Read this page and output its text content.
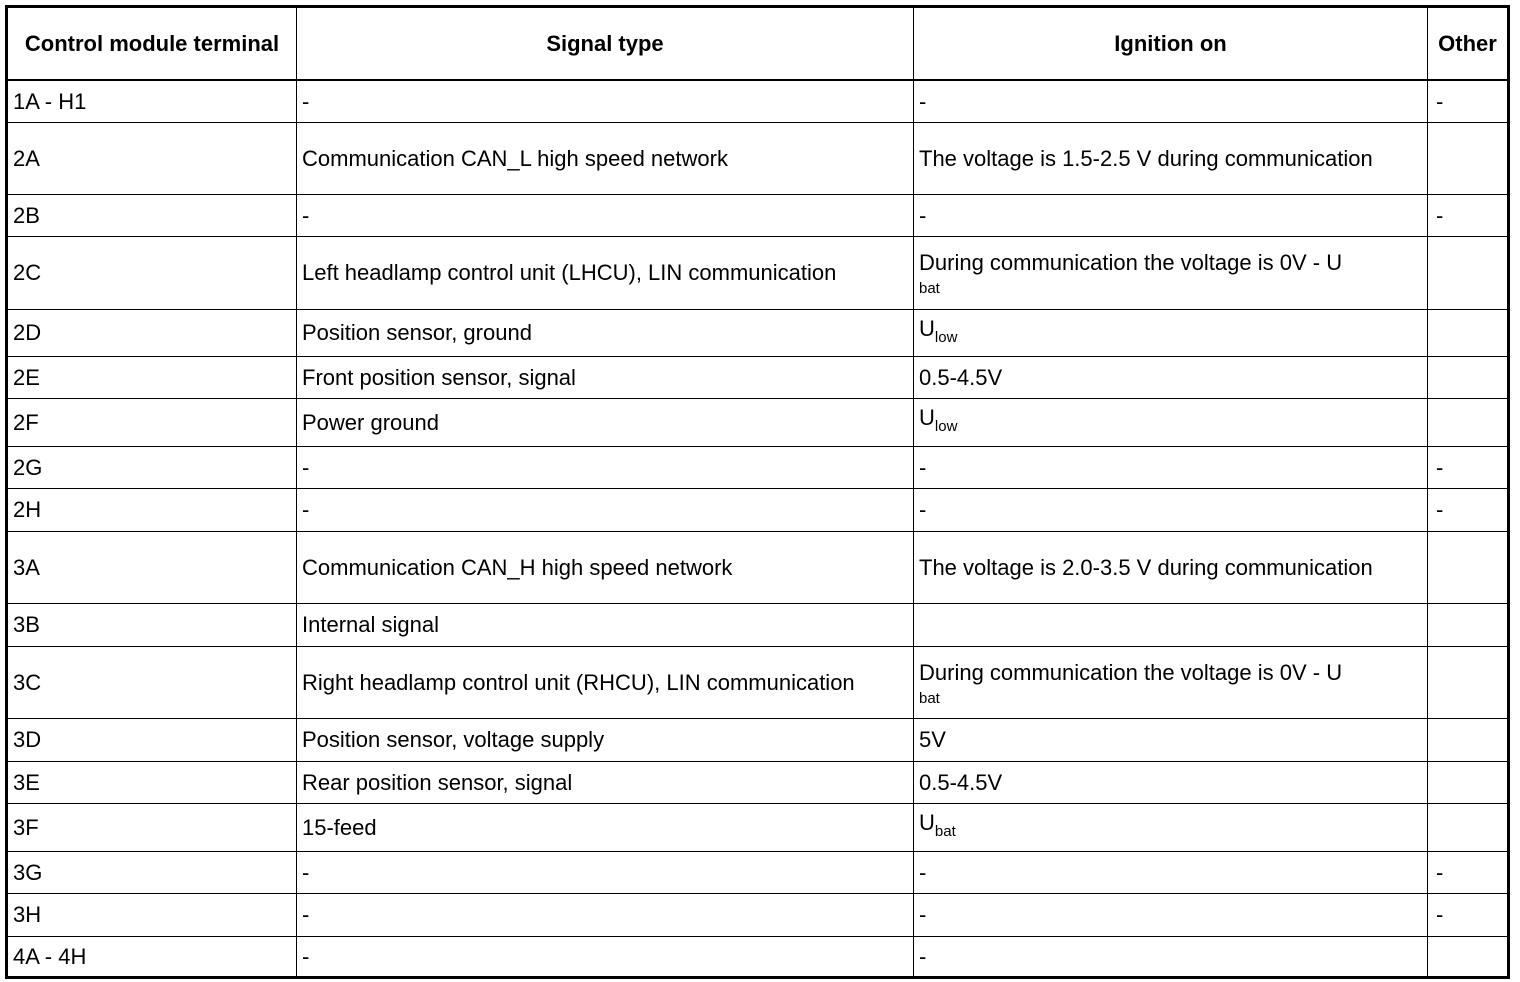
Control module terminal	Signal type	Ignition on	Other
1A - H1	-	-	-
2A	Communication CAN_L high speed network	The voltage is 1.5-2.5 V during communication	
2B	-	-	-
2C	Left headlamp control unit (LHCU), LIN communication	During communication the voltage is 0V - U
bat	

2D	Position sensor, ground	$U_{low}$	
2E	Front position sensor, signal	0.5-4.5V	
2F	Power ground	$U_{low}$	
2G	-	-	-
2H	-	-	-
3A	Communication CAN_H high speed network	The voltage is 2.0-3.5 V during communication	
3B	Internal signal		
3C	Right headlamp control unit (RHCU), LIN communication	During communication the voltage is 0V - U
bat	

3D	Position sensor, voltage supply	5V	
3E	Rear position sensor, signal	0.5-4.5V	
3F	15-feed	$U_{bat}$	
3G	-	-	-
3H	-	-	-
4A - 4H	-	-	
